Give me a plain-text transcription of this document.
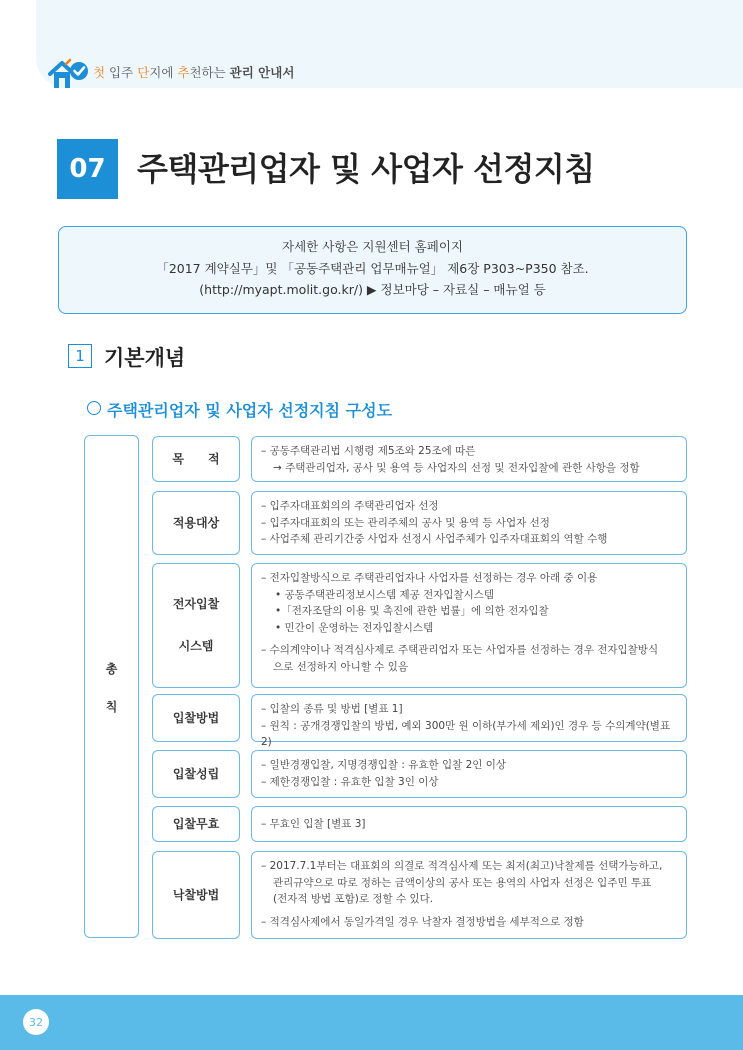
첫 입주 단지에 추천하는 관리 안내서
07 주택관리업자 및 사업자 선정지침
자세한 사항은 지원센터 홈페이지
「2017 계약실무」및 「공동주택관리 업무매뉴얼」 제6장 P303~P350 참조.
(http://myapt.molit.go.kr/) ▶ 정보마당 – 자료실 – 매뉴얼 등
1 기본개념
주택관리업자 및 사업자 선정지침 구성도
총
칙
목　　적
– 공동주택관리법 시행령 제5조와 25조에 따른
→ 주택관리업자, 공사 및 용역 등 사업자의 선정 및 전자입찰에 관한 사항을 정함
적용대상
– 입주자대표회의의 주택관리업자 선정
– 입주자대표회의 또는 관리주체의 공사 및 용역 등 사업자 선정
– 사업주체 관리기간중 사업자 선정시 사업주체가 입주자대표회의 역할 수행
전자입찰

시스템
– 전자입찰방식으로 주택관리업자나 사업자를 선정하는 경우 아래 중 이용
• 공동주택관리정보시스템 제공 전자입찰시스템
•「전자조달의 이용 및 촉진에 관한 법률」에 의한 전자입찰
• 민간이 운영하는 전자입찰시스템
– 수의계약이나 적격심사제로 주택관리업자 또는 사업자를 선정하는 경우 전자입찰방식
으로 선정하지 아니할 수 있음
입찰방법
– 입찰의 종류 및 방법 [별표 1]
– 원칙 : 공개경쟁입찰의 방법, 예외 300만 원 이하(부가세 제외)인 경우 등 수의계약(별표2)
입찰성립
– 일반경쟁입찰, 지명경쟁입찰 : 유효한 입찰 2인 이상
– 제한경쟁입찰 : 유효한 입찰 3인 이상
입찰무효	– 무효인 입찰 [별표 3]
낙찰방법
– 2017.7.1부터는 대표회의 의결로 적격심사제 또는 최저(최고)낙찰제를 선택가능하고,
관리규약으로 따로 정하는 금액이상의 공사 또는 용역의 사업자 선정은 입주민 투표
(전자적 방법 포함)로 정할 수 있다.
– 적격심사제에서 동일가격일 경우 낙찰자 결정방법을 세부적으로 정함
32
